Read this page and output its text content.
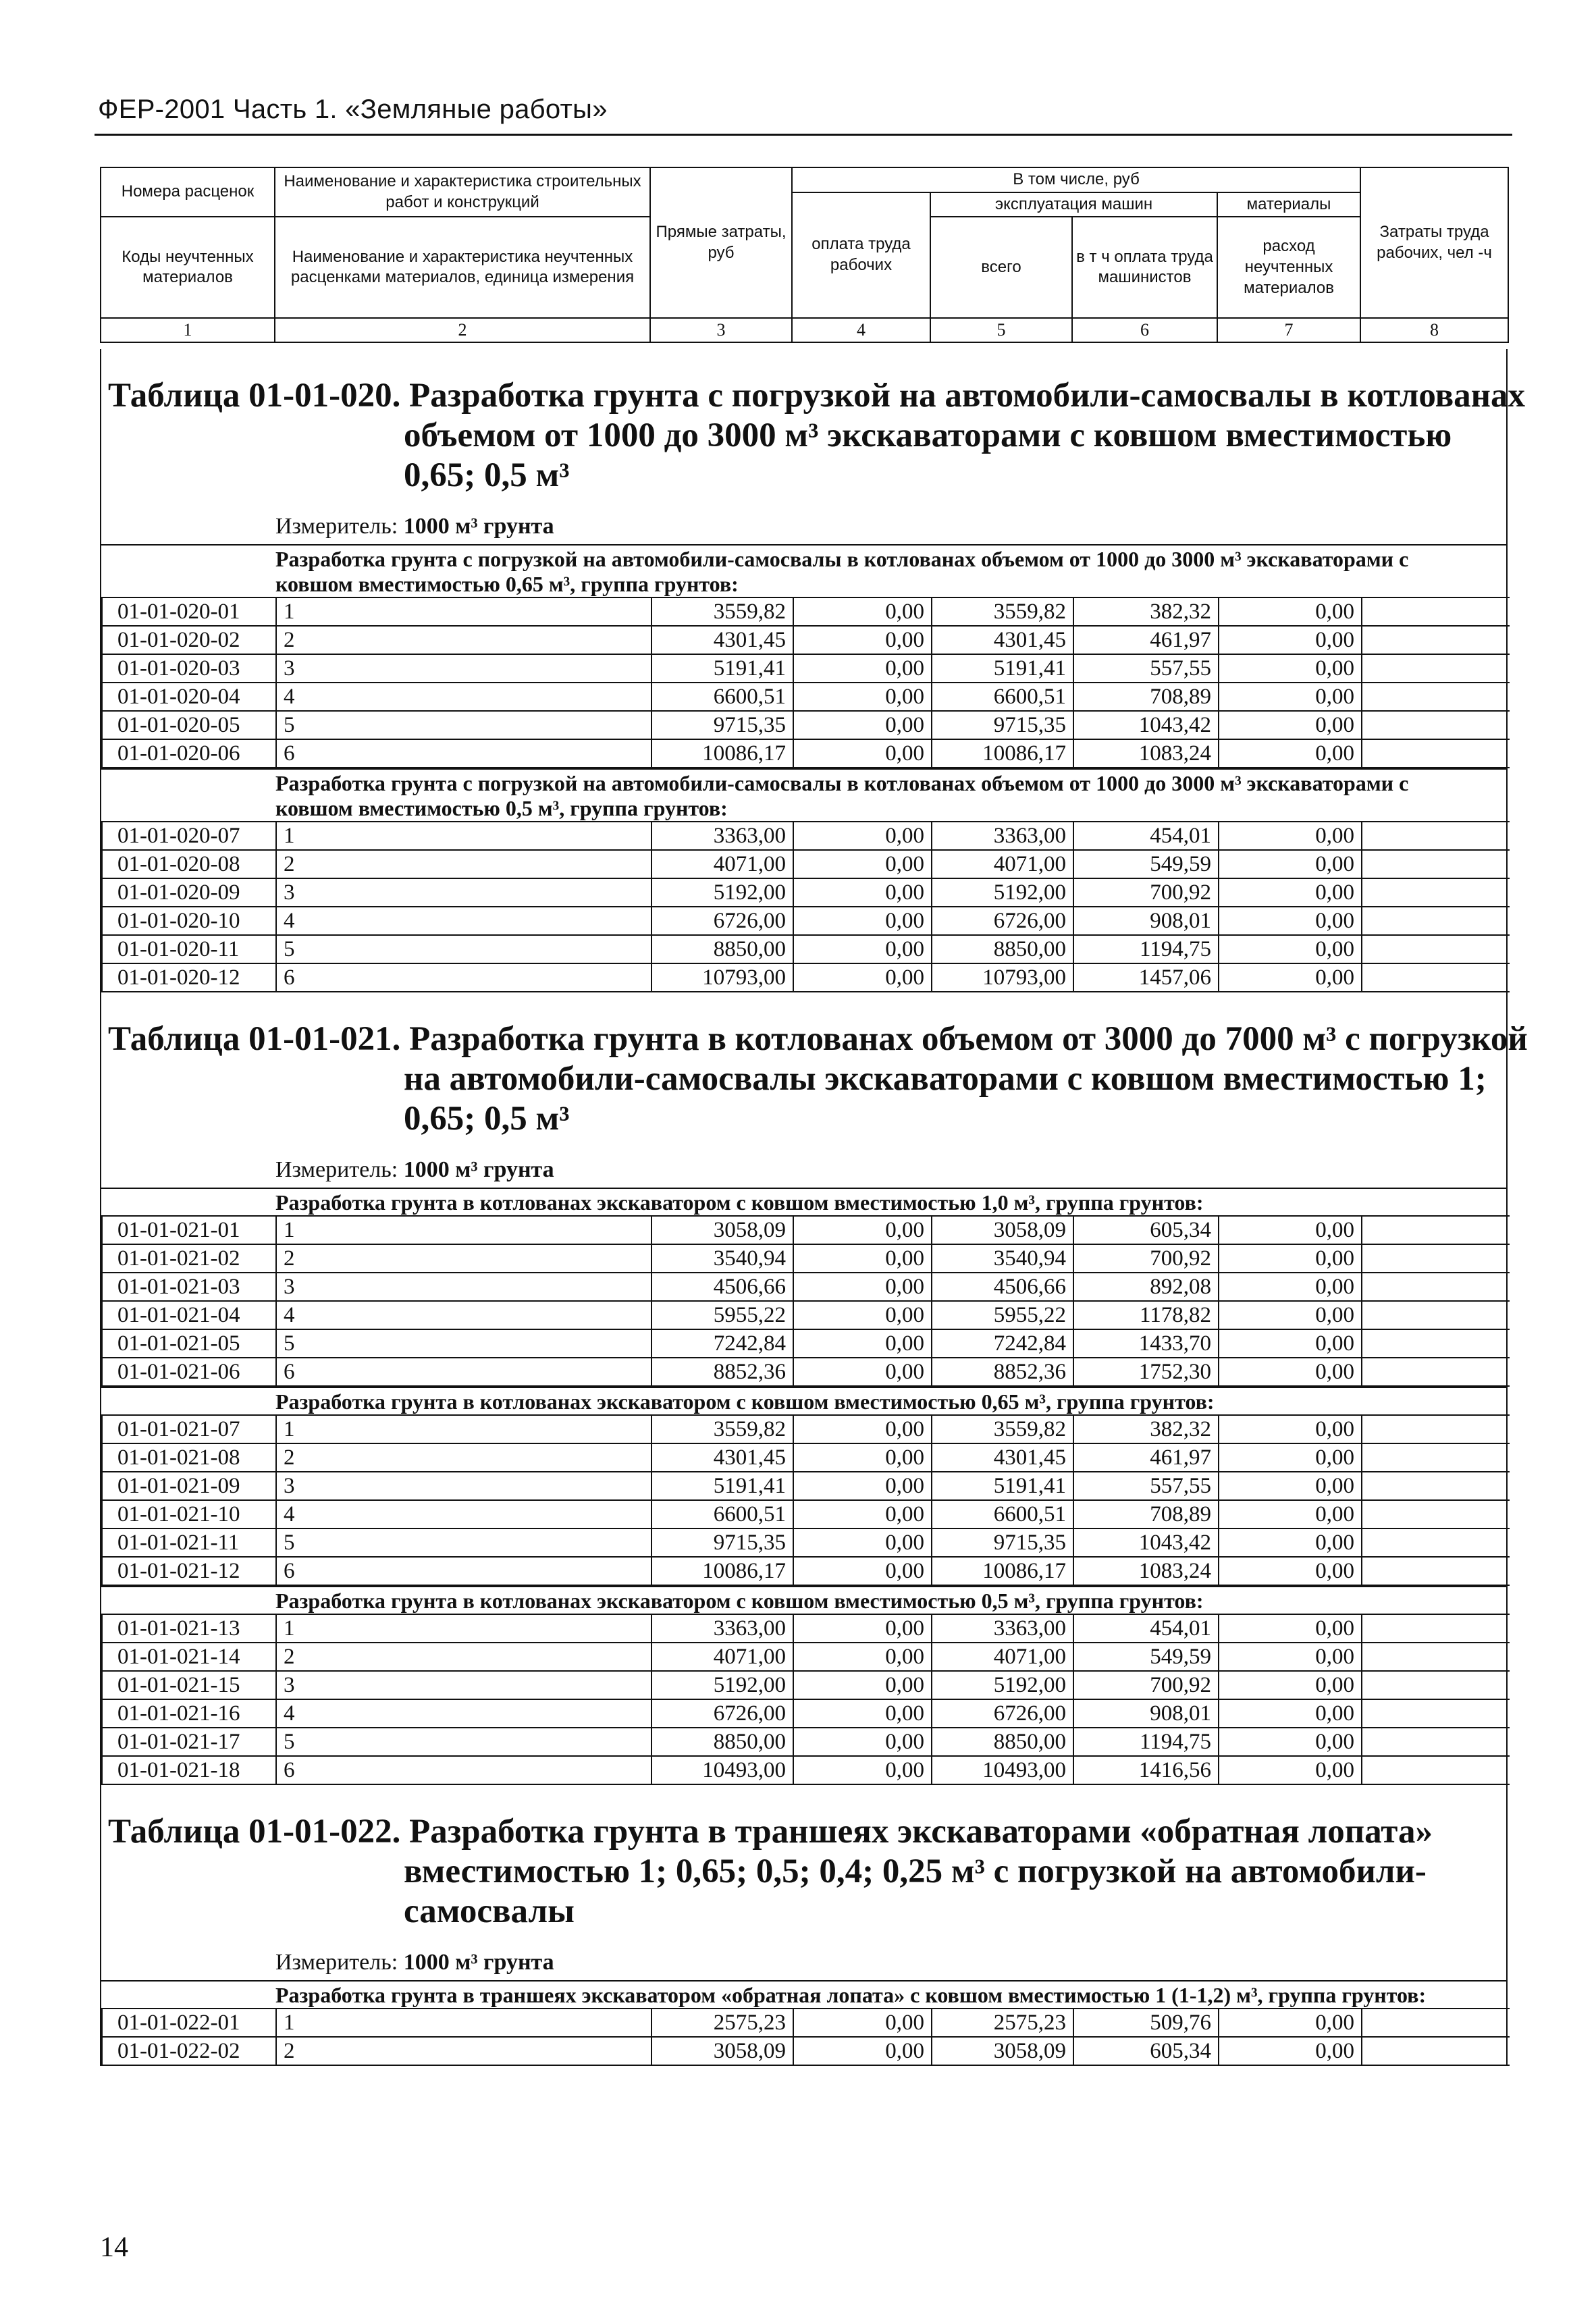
ФЕР-2001 Часть 1. «Земляные работы»
Номера расценок	Наименование и характеристика строительных работ и конструкций	Прямые затраты, руб	В том числе, руб				Затраты труда рабочих, чел -ч
			оплата труда рабочих	эксплуатация машин		материалы	
Коды неучтенных материалов	Наименование и характеристика неучтенных расценками материалов, единица измерения			всего	в т ч оплата труда машинистов	расход неучтенных материалов	

1	2	3	4	5	6	7	8
Таблица 01-01-020. Разработка грунта с погрузкой на автомобили-самосвалы в котлованах
объемом от 1000 до 3000 м³ экскаваторами с ковшом вместимостью
0,65; 0,5 м³
Измеритель: 1000 м³ грунта
Разработка грунта с погрузкой на автомобили-самосвалы в котлованах объемом от 1000 до 3000 м³ экскаваторами с ковшом вместимостью 0,65 м³, группа грунтов:
01-01-020-01	1	3559,82	0,00	3559,82	382,32	0,00	
01-01-020-02	2	4301,45	0,00	4301,45	461,97	0,00	
01-01-020-03	3	5191,41	0,00	5191,41	557,55	0,00	
01-01-020-04	4	6600,51	0,00	6600,51	708,89	0,00	
01-01-020-05	5	9715,35	0,00	9715,35	1043,42	0,00	
01-01-020-06	6	10086,17	0,00	10086,17	1083,24	0,00	
Разработка грунта с погрузкой на автомобили-самосвалы в котлованах объемом от 1000 до 3000 м³ экскаваторами с ковшом вместимостью 0,5 м³, группа грунтов:
01-01-020-07	1	3363,00	0,00	3363,00	454,01	0,00	
01-01-020-08	2	4071,00	0,00	4071,00	549,59	0,00	
01-01-020-09	3	5192,00	0,00	5192,00	700,92	0,00	
01-01-020-10	4	6726,00	0,00	6726,00	908,01	0,00	
01-01-020-11	5	8850,00	0,00	8850,00	1194,75	0,00	
01-01-020-12	6	10793,00	0,00	10793,00	1457,06	0,00	
Таблица 01-01-021. Разработка грунта в котлованах объемом от 3000 до 7000 м³ с погрузкой
на автомобили-самосвалы экскаваторами с ковшом вместимостью 1;
0,65; 0,5 м³
Измеритель: 1000 м³ грунта
Разработка грунта в котлованах экскаватором с ковшом вместимостью 1,0 м³, группа грунтов:
01-01-021-01	1	3058,09	0,00	3058,09	605,34	0,00	
01-01-021-02	2	3540,94	0,00	3540,94	700,92	0,00	
01-01-021-03	3	4506,66	0,00	4506,66	892,08	0,00	
01-01-021-04	4	5955,22	0,00	5955,22	1178,82	0,00	
01-01-021-05	5	7242,84	0,00	7242,84	1433,70	0,00	
01-01-021-06	6	8852,36	0,00	8852,36	1752,30	0,00	
Разработка грунта в котлованах экскаватором с ковшом вместимостью 0,65 м³, группа грунтов:
01-01-021-07	1	3559,82	0,00	3559,82	382,32	0,00	
01-01-021-08	2	4301,45	0,00	4301,45	461,97	0,00	
01-01-021-09	3	5191,41	0,00	5191,41	557,55	0,00	
01-01-021-10	4	6600,51	0,00	6600,51	708,89	0,00	
01-01-021-11	5	9715,35	0,00	9715,35	1043,42	0,00	
01-01-021-12	6	10086,17	0,00	10086,17	1083,24	0,00	
Разработка грунта в котлованах экскаватором с ковшом вместимостью 0,5 м³, группа грунтов:
01-01-021-13	1	3363,00	0,00	3363,00	454,01	0,00	
01-01-021-14	2	4071,00	0,00	4071,00	549,59	0,00	
01-01-021-15	3	5192,00	0,00	5192,00	700,92	0,00	
01-01-021-16	4	6726,00	0,00	6726,00	908,01	0,00	
01-01-021-17	5	8850,00	0,00	8850,00	1194,75	0,00	
01-01-021-18	6	10493,00	0,00	10493,00	1416,56	0,00	
Таблица 01-01-022. Разработка грунта в траншеях экскаваторами «обратная лопата»
вместимостью 1; 0,65; 0,5; 0,4; 0,25 м³ с погрузкой на автомобили-
самосвалы
Измеритель: 1000 м³ грунта
Разработка грунта в траншеях экскаватором «обратная лопата» с ковшом вместимостью 1 (1-1,2) м³, группа грунтов:
01-01-022-01	1	2575,23	0,00	2575,23	509,76	0,00	
01-01-022-02	2	3058,09	0,00	3058,09	605,34	0,00	
14
